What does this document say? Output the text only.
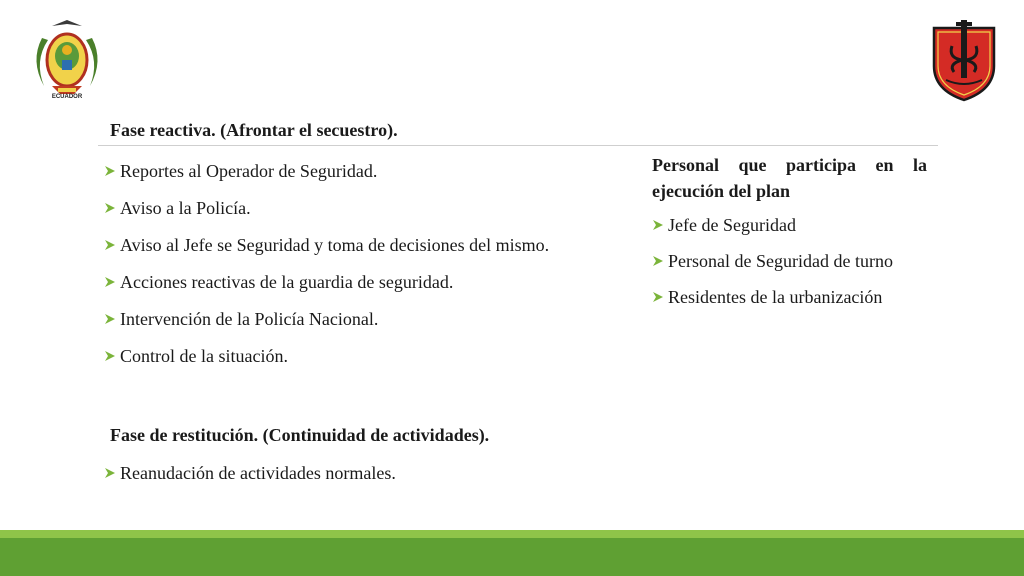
ECUADOR
Fase reactiva. (Afrontar el secuestro).
Reportes al Operador de Seguridad.
Aviso a la Policía.
Aviso al Jefe se Seguridad y toma de decisiones del mismo.
Acciones reactivas de la guardia de seguridad.
Intervención de la Policía Nacional.
Control de la situación.
Fase de restitución. (Continuidad de actividades).
Reanudación de actividades normales.
Personal que participa en la ejecución del plan
Jefe de Seguridad
Personal de Seguridad de turno
Residentes de la urbanización
